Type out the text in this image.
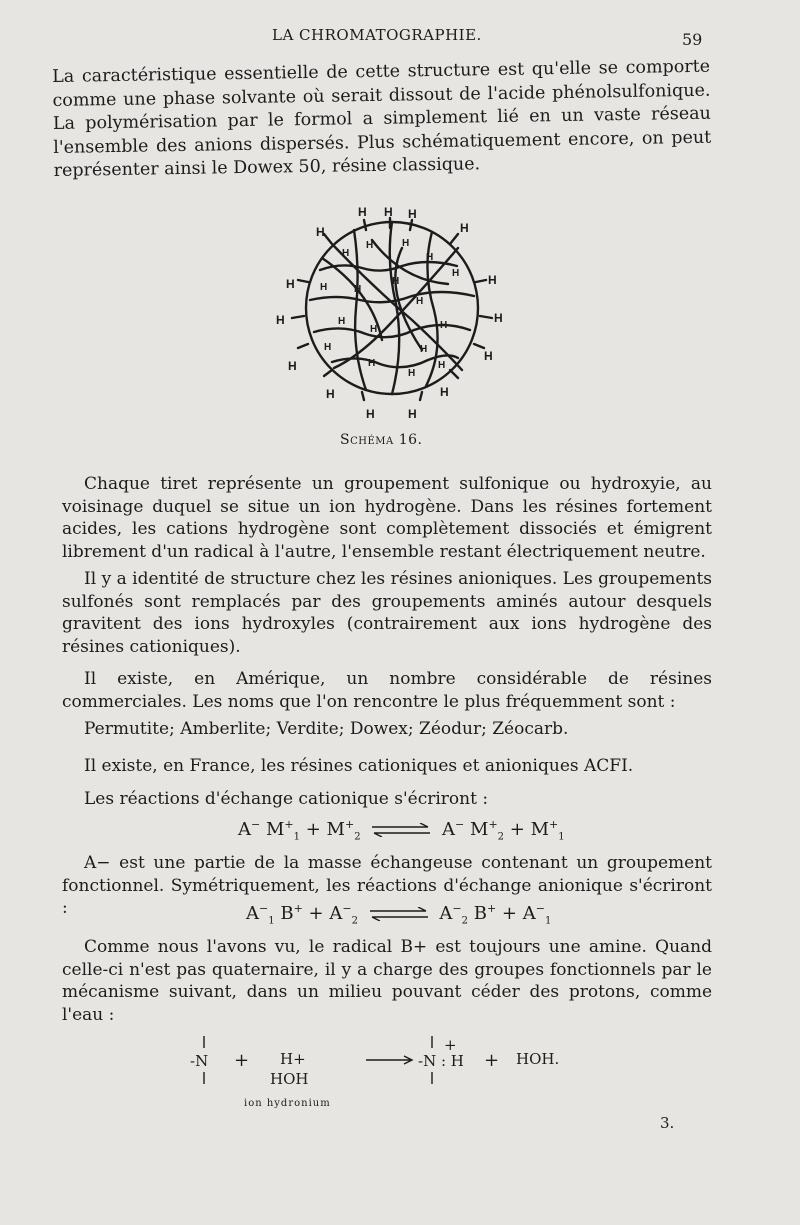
LA CHROMATOGRAPHIE.	59

La caractéristique essentielle de cette structure est qu'elle se comporte comme une phase solvante où serait dissout de l'acide phénolsulfonique. La polymérisation par le formol a simplement lié en un vaste réseau l'ensemble des anions dispersés. Plus schématiquement encore, on peut représenter ainsi le Dowex 50, résine classique.

H H H
H	H
H	H
H	H
H
H
H	H
H	H
H
H	H
H
H
H	H
H
H
H
H	H
H	H
H
H
H
Schéma 16.

Chaque tiret représente un groupement sulfonique ou hydroxyie, au voisinage duquel se situe un ion hydrogène. Dans les résines fortement acides, les cations hydrogène sont complètement dissociés et émigrent librement d'un radical à l'autre, l'ensemble restant électriquement neutre.

Il y a identité de structure chez les résines anioniques. Les groupements sulfonés sont remplacés par des groupements aminés autour desquels gravitent des ions hydroxyles (contrairement aux ions hydrogène des résines cationiques).

Il existe, en Amérique, un nombre considérable de résines commerciales. Les noms que l'on rencontre le plus fréquemment sont :

Permutite; Amberlite; Verdite; Dowex; Zéodur; Zéocarb.

Il existe, en France, les résines cationiques et anioniques ACFI.

Les réactions d'échange cationique s'écriront :

A− $M^+_1 + M^+_2$ ⇌ A− $M^+_2 + M^+_1$

A− est une partie de la masse échangeuse contenant un groupement fonctionnel. Symétriquement, les réactions d'échange anionique s'écriront :	$A^-_1$ $B^+ + A^-_2$ ⇌ $A^-_2$ $B^+ + A^-_1$

Comme nous l'avons vu, le radical B+ est toujours une amine. Quand celle-ci n'est pas quaternaire, il y a charge des groupes fonctionnels par le mécanisme suivant, dans un milieu pouvant céder des protons, comme l'eau :

-N + H+
HOH
ion hydronium
+
-N : H + HOH.
3.
